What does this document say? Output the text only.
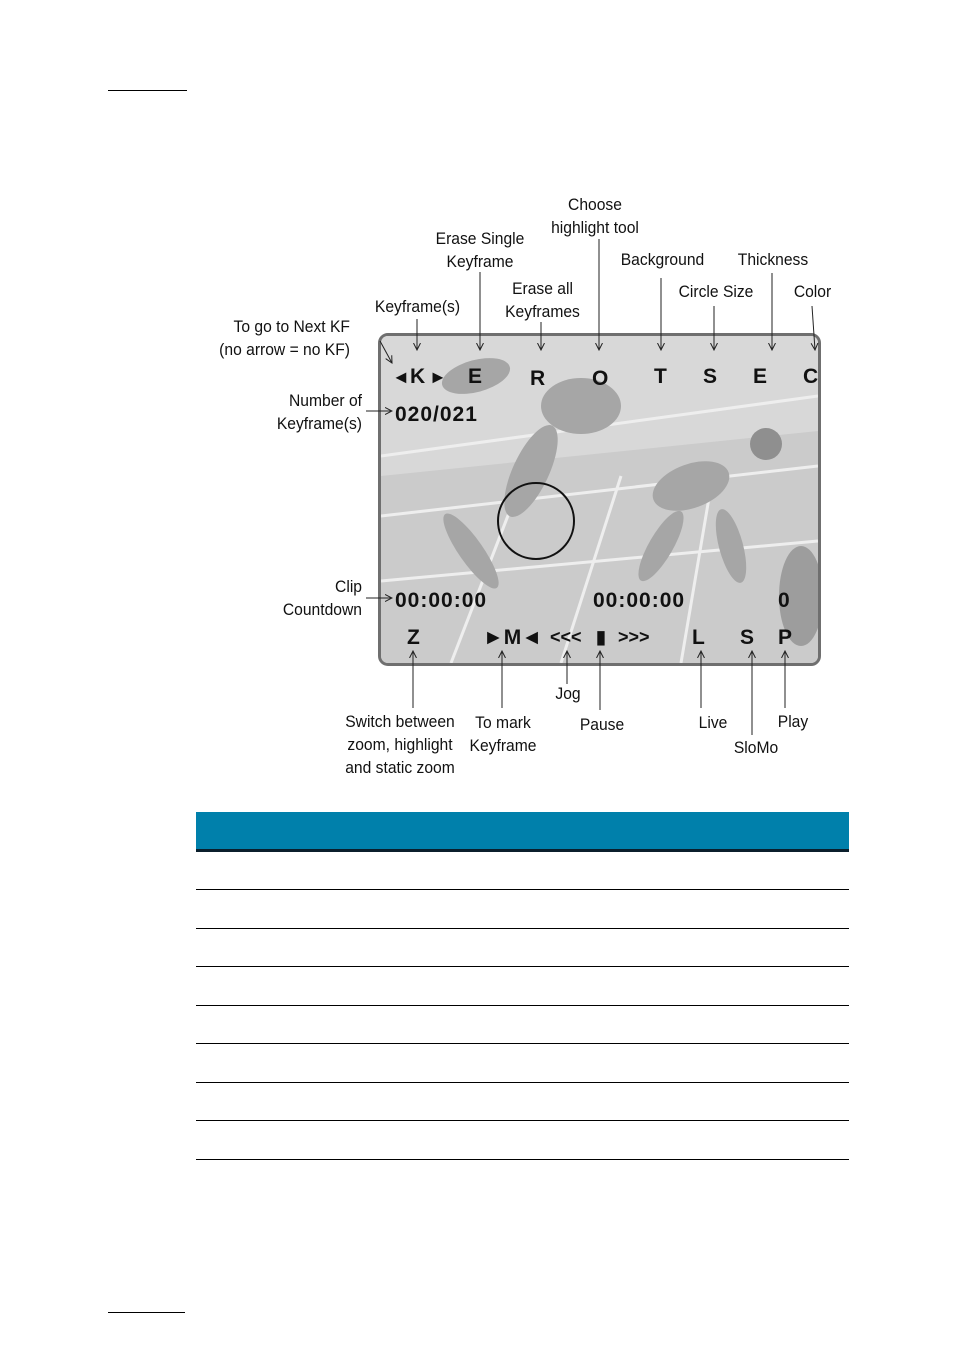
◄ K ► E R O T S E C
020/021
00:00:00	00:00:00	0
Z	►M◄ <<< ▮ >>> L S P
To go to Next KF
(no arrow = no KF)
Keyframe(s)
Erase Single
Keyframe
Erase all
Keyframes
Choose
highlight tool
Background
Circle Size
Thickness
Color
Number of
Keyframe(s)
Clip
Countdown
Switch between
zoom, highlight
and static zoom
To mark
Keyframe
Jog
Pause	Live
SloMo
Play
